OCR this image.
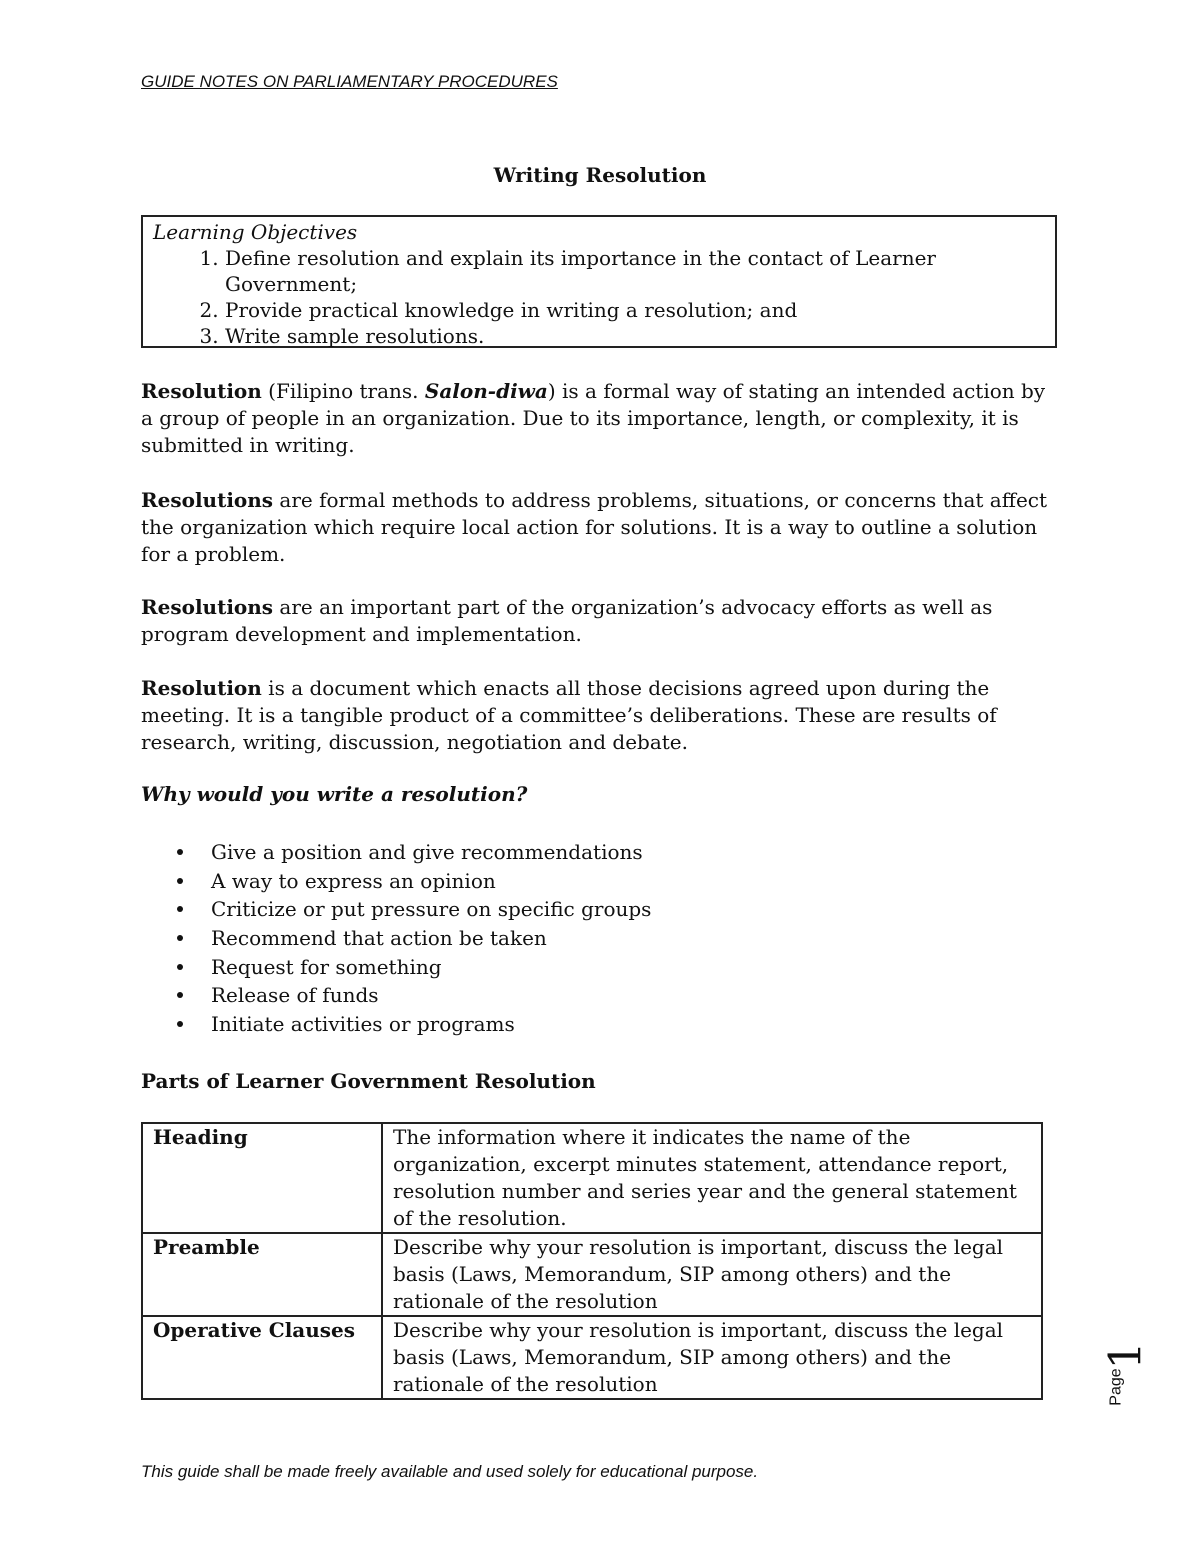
GUIDE NOTES ON PARLIAMENTARY PROCEDURES
Writing Resolution
Learning Objectives
1. Define resolution and explain its importance in the contact of Learner Government;
2. Provide practical knowledge in writing a resolution; and
3. Write sample resolutions.

Resolution (Filipino trans. Salon-diwa) is a formal way of stating an intended action by a group of people in an organization. Due to its importance, length, or complexity, it is submitted in writing.

Resolutions are formal methods to address problems, situations, or concerns that affect the organization which require local action for solutions. It is a way to outline a solution for a problem.

Resolutions are an important part of the organization’s advocacy efforts as well as program development and implementation.

Resolution is a document which enacts all those decisions agreed upon during the meeting. It is a tangible product of a committee’s deliberations. These are results of research, writing, discussion, negotiation and debate.

Why would you write a resolution?
Give a position and give recommendations
A way to express an opinion
Criticize or put pressure on specific groups
Recommend that action be taken
Request for something
Release of funds
Initiate activities or programs
Parts of Learner Government Resolution
Heading	The information where it indicates the name of the organization, excerpt minutes statement, attendance report, resolution number and series year and the general statement of the resolution.
Preamble	Describe why your resolution is important, discuss the legal basis (Laws, Memorandum, SIP among others) and the rationale of the resolution
Operative Clauses	Describe why your resolution is important, discuss the legal basis (Laws, Memorandum, SIP among others) and the rationale of the resolution
1
Page
This guide shall be made freely available and used solely for educational purpose.
